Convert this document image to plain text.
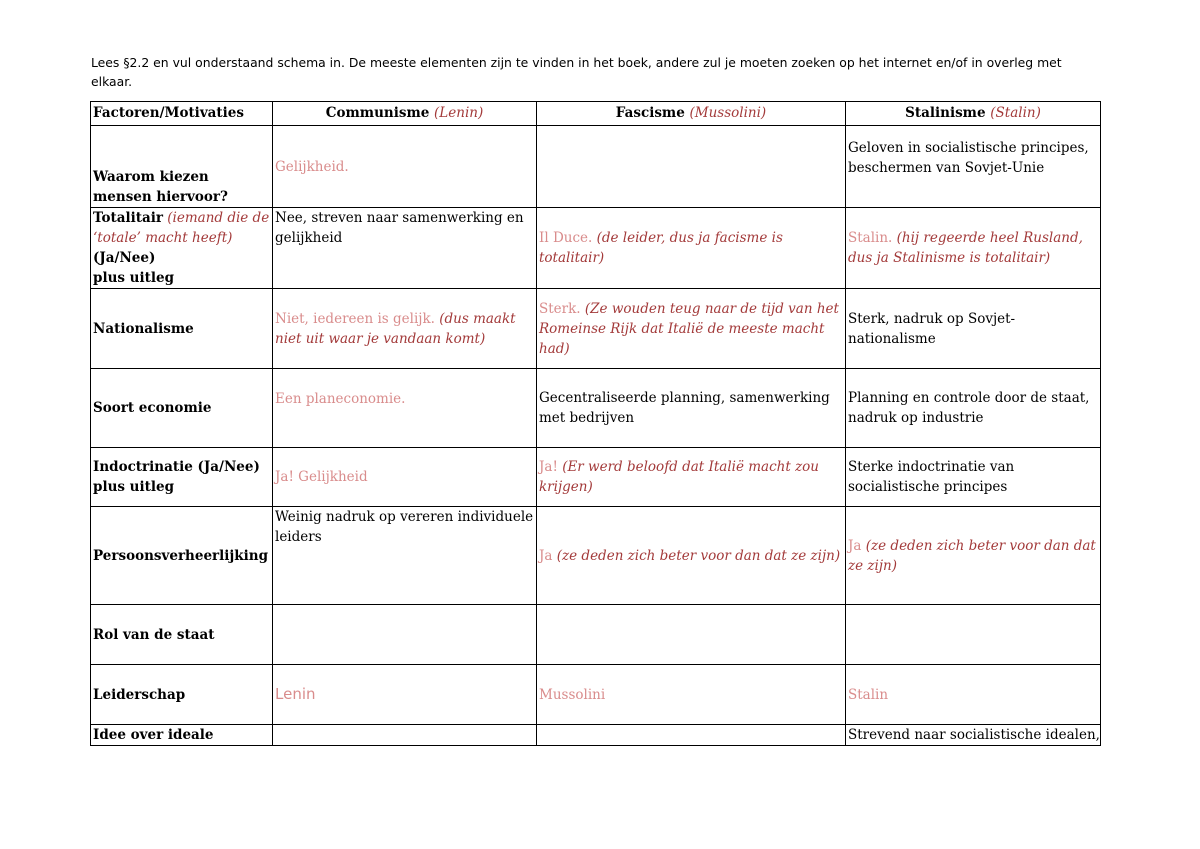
Lees §2.2 en vul onderstaand schema in. De meeste elementen zijn te vinden in het boek, andere zul je moeten zoeken op het internet en/of in overleg met elkaar.

Factoren/Motivaties	Communisme (Lenin)	Fascisme (Mussolini)	Stalinisme (Stalin)
Waarom kiezen mensen hiervoor?	Gelijkheid.		Geloven in socialistische principes, beschermen van Sovjet-Unie
Totalitair (iemand die de ‘totale’ macht heeft)
(Ja/Nee)
plus uitleg	Nee, streven naar samenwerking en gelijkheid	Il Duce. (de leider, dus ja facisme is totalitair)	Stalin. (hij regeerde heel Rusland, dus ja Stalinisme is totalitair)
Nationalisme	Niet, iedereen is gelijk. (dus maakt niet uit waar je vandaan komt)	Sterk. (Ze wouden teug naar de tijd van het Romeinse Rijk dat Italië de meeste macht had)	Sterk, nadruk op Sovjet-nationalisme
Soort economie	Een planeconomie.	Gecentraliseerde planning, samenwerking met bedrijven	Planning en controle door de staat, nadruk op industrie
Indoctrinatie (Ja/Nee)
plus uitleg	Ja! Gelijkheid	Ja! (Er werd beloofd dat Italië macht zou krijgen)	Sterke indoctrinatie van socialistische principes
Persoonsverheerlijking	Weinig nadruk op vereren individuele leiders	Ja (ze deden zich beter voor dan dat ze zijn)	Ja (ze deden zich beter voor dan dat ze zijn)
Rol van de staat			
Leiderschap	Lenin	Mussolini	Stalin
Idee over ideale			Strevend naar socialistische idealen,
